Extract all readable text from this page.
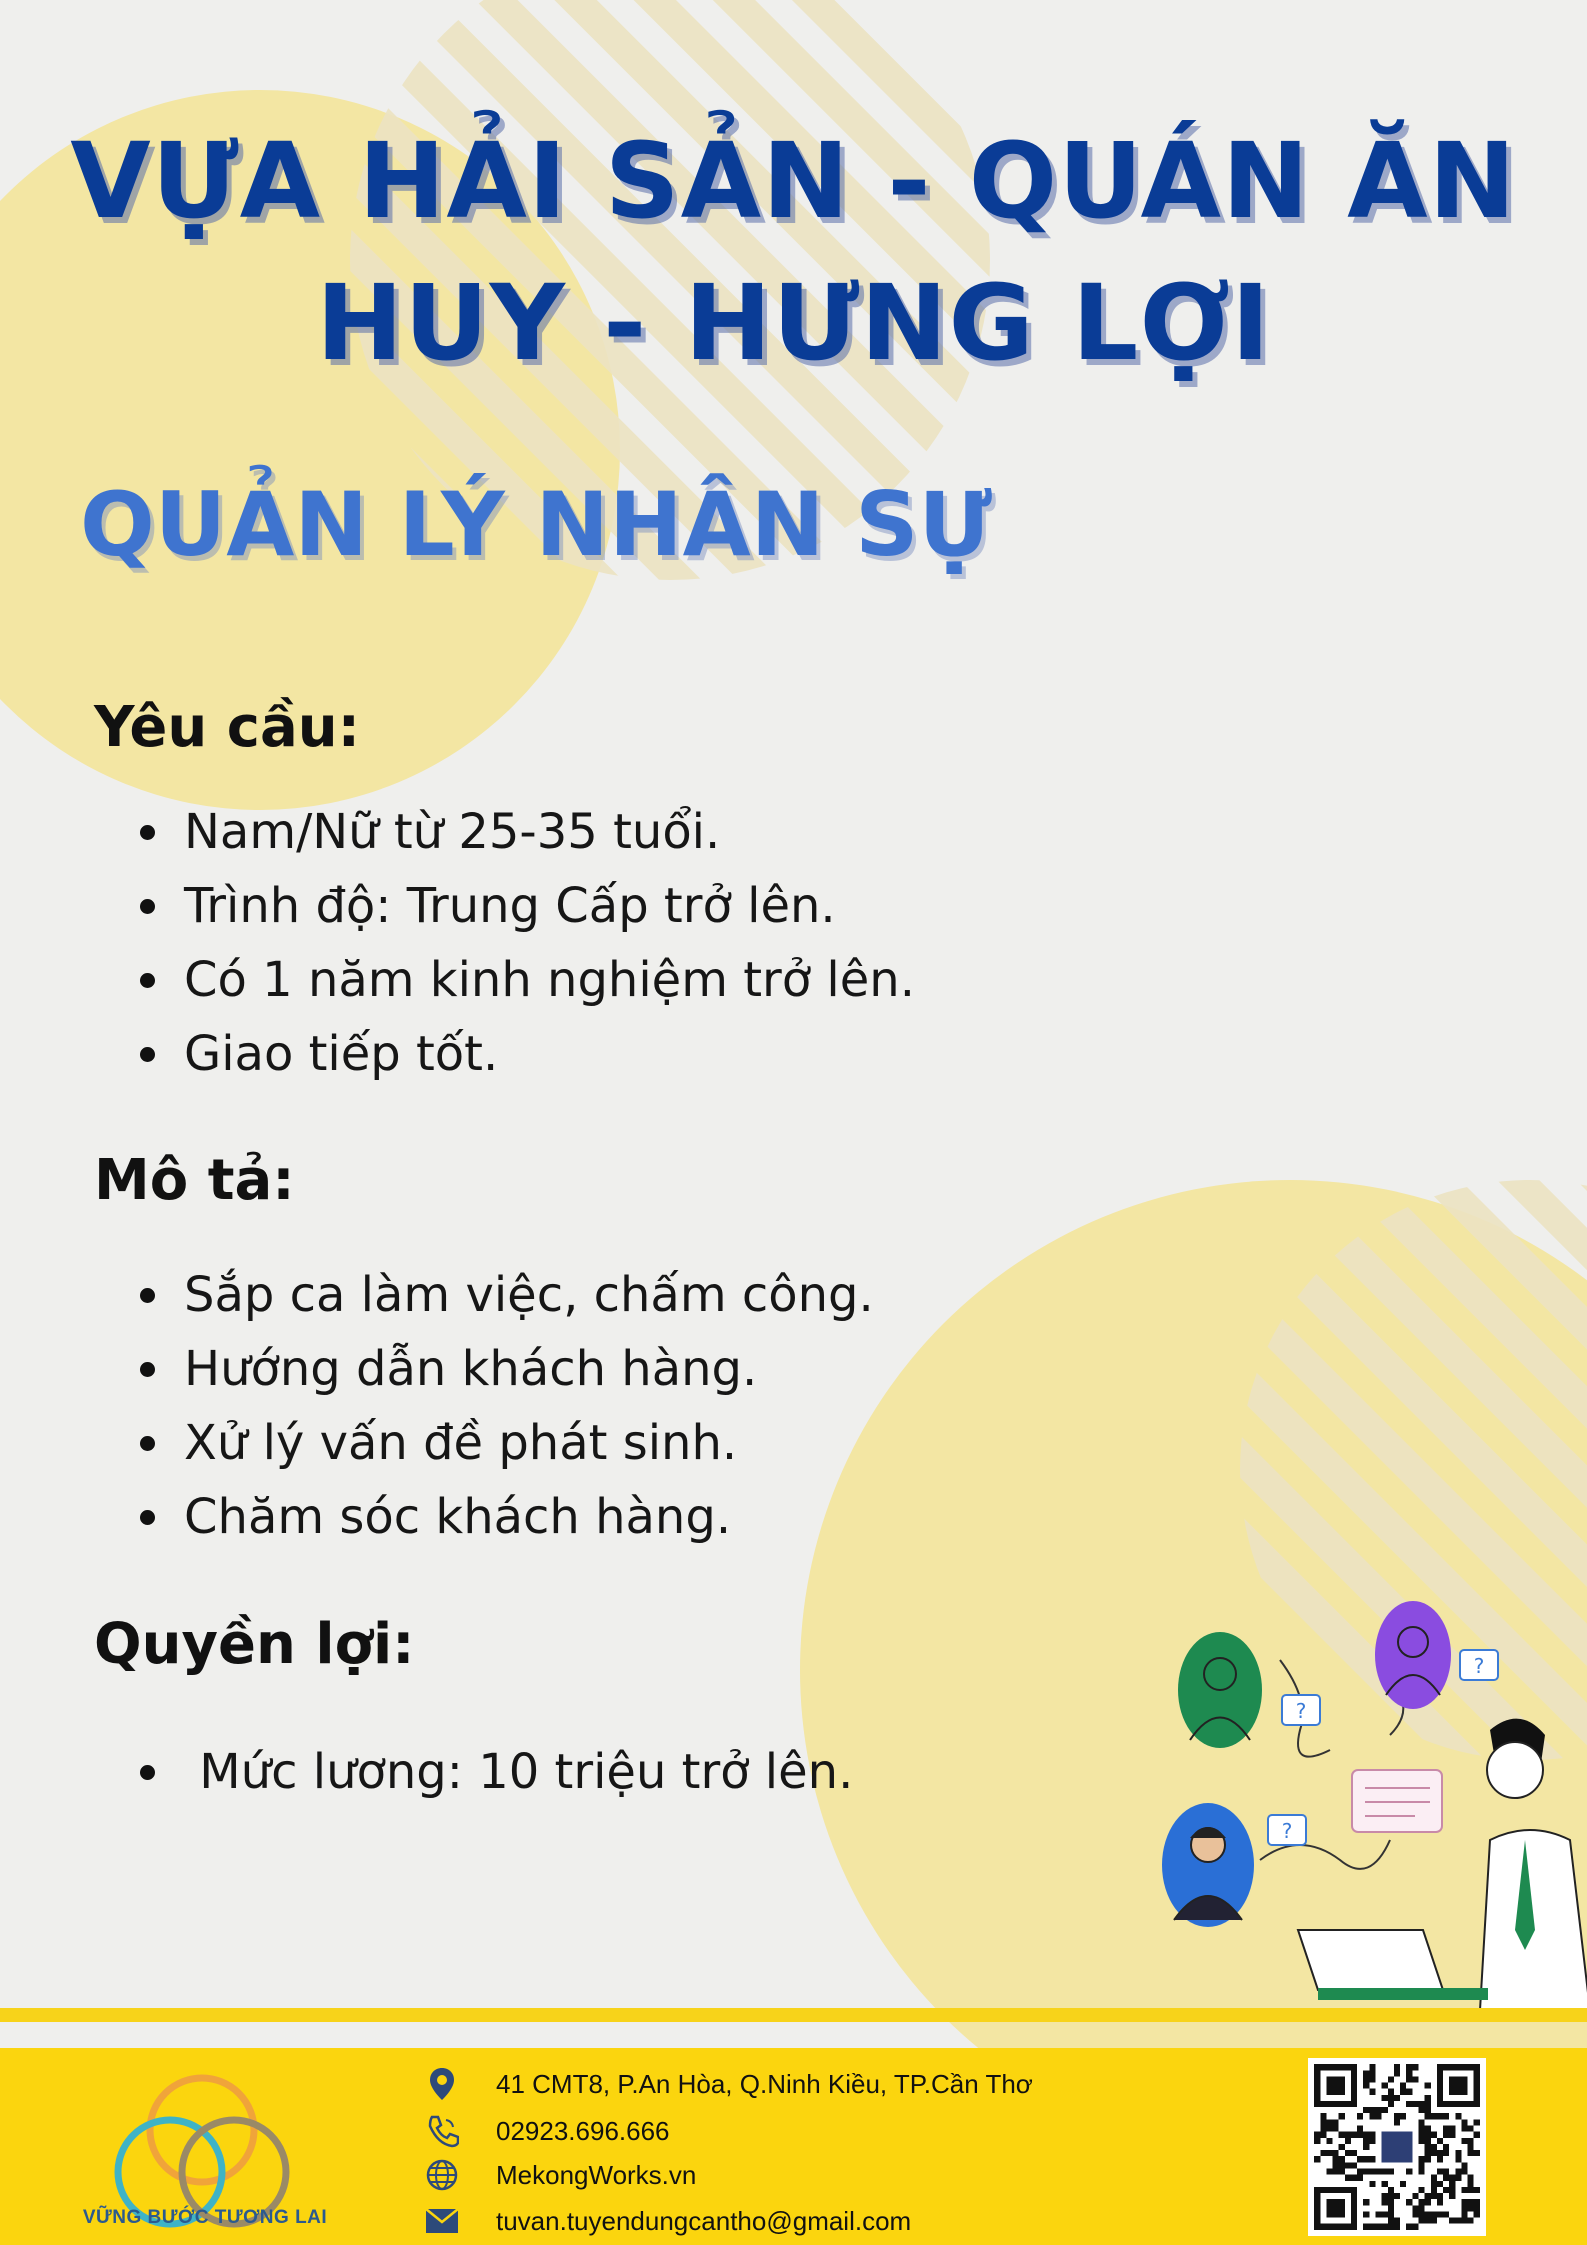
VỰA HẢI SẢN - QUÁN ĂN
HUY - HƯNG LỢI
QUẢN LÝ NHÂN SỰ
Yêu cầu:
Nam/Nữ từ 25-35 tuổi.
Trình độ: Trung Cấp trở lên.
Có 1 năm kinh nghiệm trở lên.
Giao tiếp tốt.
Mô tả:
Sắp ca làm việc, chấm công.
Hướng dẫn khách hàng.
Xử lý vấn đề phát sinh.
Chăm sóc khách hàng.
Quyền lợi:
Mức lương: 10 triệu trở lên.
?
?
?
VỮNG BƯỚC TƯƠNG LAI
41 CMT8, P.An Hòa, Q.Ninh Kiều, TP.Cần Thơ
02923.696.666
MekongWorks.vn
tuvan.tuyendungcantho@gmail.com
